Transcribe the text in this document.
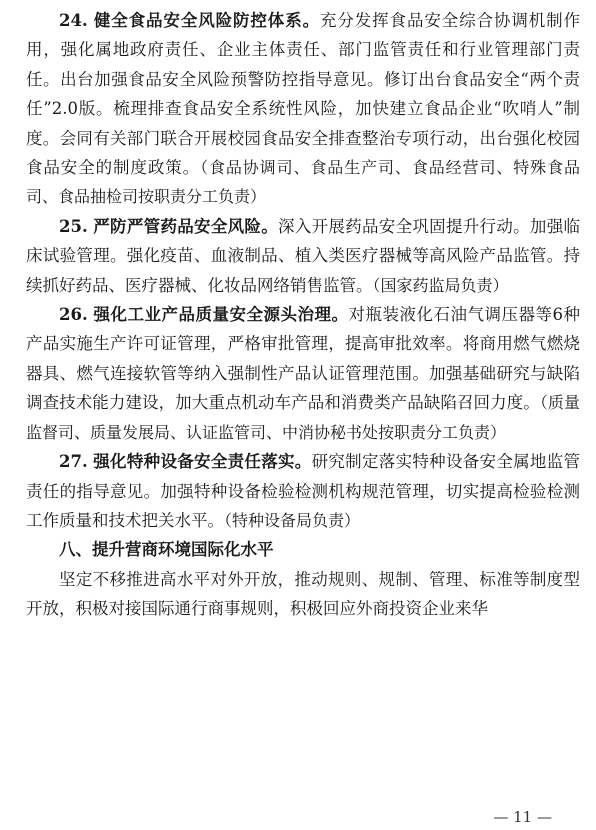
24. 健全食品安全风险防控体系。充分发挥食品安全综合协调机制作用，强化属地政府责任、企业主体责任、部门监管责任和行业管理部门责任。出台加强食品安全风险预警防控指导意见。修订出台食品安全“两个责任”2.0版。梳理排查食品安全系统性风险，加快建立食品企业“吹哨人”制度。会同有关部门联合开展校园食品安全排查整治专项行动，出台强化校园食品安全的制度政策。（食品协调司、食品生产司、食品经营司、特殊食品司、食品抽检司按职责分工负责）

25. 严防严管药品安全风险。深入开展药品安全巩固提升行动。加强临床试验管理。强化疫苗、血液制品、植入类医疗器械等高风险产品监管。持续抓好药品、医疗器械、化妆品网络销售监管。（国家药监局负责）

26. 强化工业产品质量安全源头治理。对瓶装液化石油气调压器等6种产品实施生产许可证管理，严格审批管理，提高审批效率。将商用燃气燃烧器具、燃气连接软管等纳入强制性产品认证管理范围。加强基础研究与缺陷调查技术能力建设，加大重点机动车产品和消费类产品缺陷召回力度。（质量监督司、质量发展局、认证监管司、中消协秘书处按职责分工负责）

27. 强化特种设备安全责任落实。研究制定落实特种设备安全属地监管责任的指导意见。加强特种设备检验检测机构规范管理，切实提高检验检测工作质量和技术把关水平。（特种设备局负责）

八、提升营商环境国际化水平

坚定不移推进高水平对外开放，推动规则、规制、管理、标准等制度型开放，积极对接国际通行商事规则，积极回应外商投资企业来华

— 11 —
